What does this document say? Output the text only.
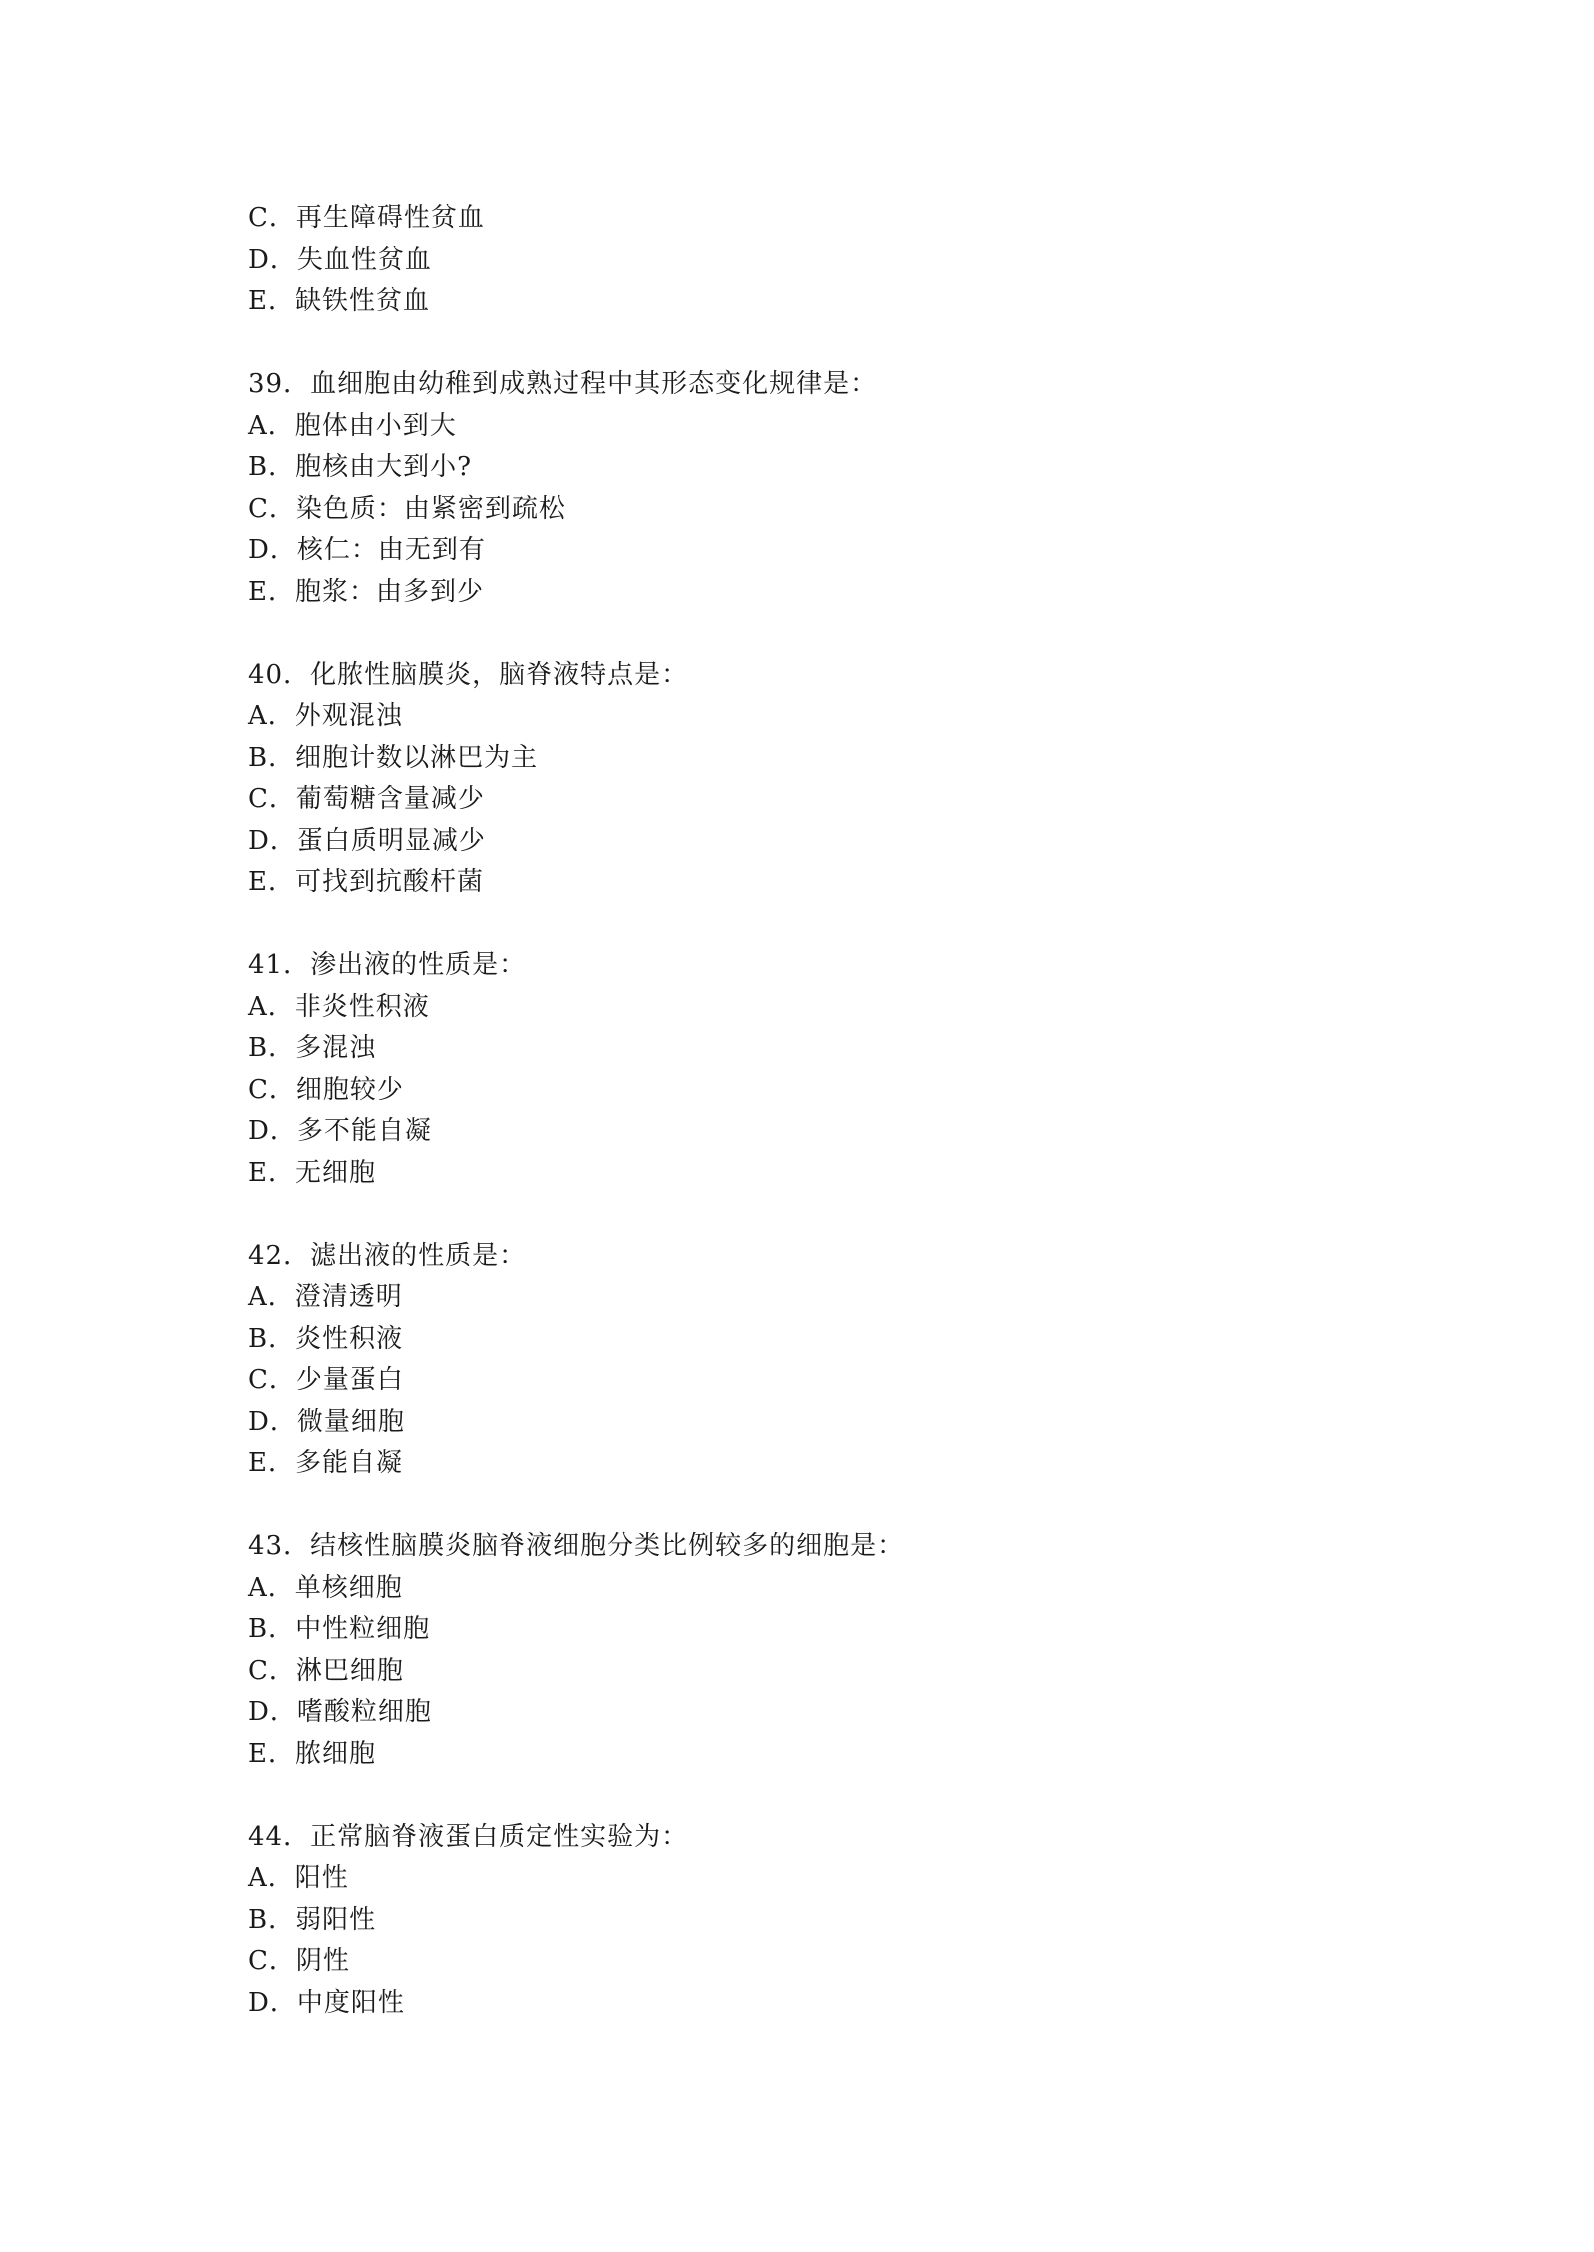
C．再生障碍性贫血
D．失血性贫血
E．缺铁性贫血
39．血细胞由幼稚到成熟过程中其形态变化规律是：
A．胞体由小到大
B．胞核由大到小?
C．染色质：由紧密到疏松
D．核仁：由无到有
E．胞浆：由多到少
40．化脓性脑膜炎，脑脊液特点是：
A．外观混浊
B．细胞计数以淋巴为主
C．葡萄糖含量减少
D．蛋白质明显减少
E．可找到抗酸杆菌
41．渗出液的性质是：
A．非炎性积液
B．多混浊
C．细胞较少
D．多不能自凝
E．无细胞
42．滤出液的性质是：
A．澄清透明
B．炎性积液
C．少量蛋白
D．微量细胞
E．多能自凝
43．结核性脑膜炎脑脊液细胞分类比例较多的细胞是：
A．单核细胞
B．中性粒细胞
C．淋巴细胞
D．嗜酸粒细胞
E．脓细胞
44．正常脑脊液蛋白质定性实验为：
A．阳性
B．弱阳性
C．阴性
D．中度阳性
